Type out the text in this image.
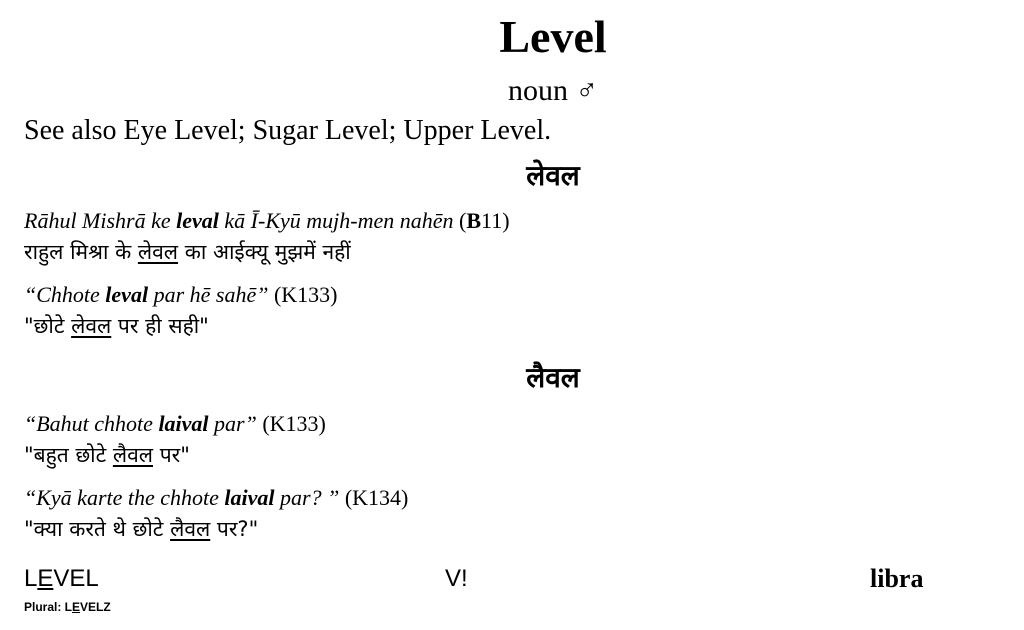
Level
noun ♂
See also Eye Level; Sugar Level; Upper Level.
लेवल
Rāhul Mishrā ke leval kā Ī-Kyū mujh-men nahēn (B11)
राहुल मिश्रा के लेवल का आईक्यू मुझमें नहीं
“Chhote leval par hē sahē” (K133)
"छोटे लेवल पर ही सही"
लैवल
“Bahut chhote laival par” (K133)
"बहुत छोटे लैवल पर"
“Kyā karte the chhote laival par? ” (K134)
"क्या करते थे छोटे लैवल पर?"
LEVEL
Plural: LEVELZ
V!	libra
